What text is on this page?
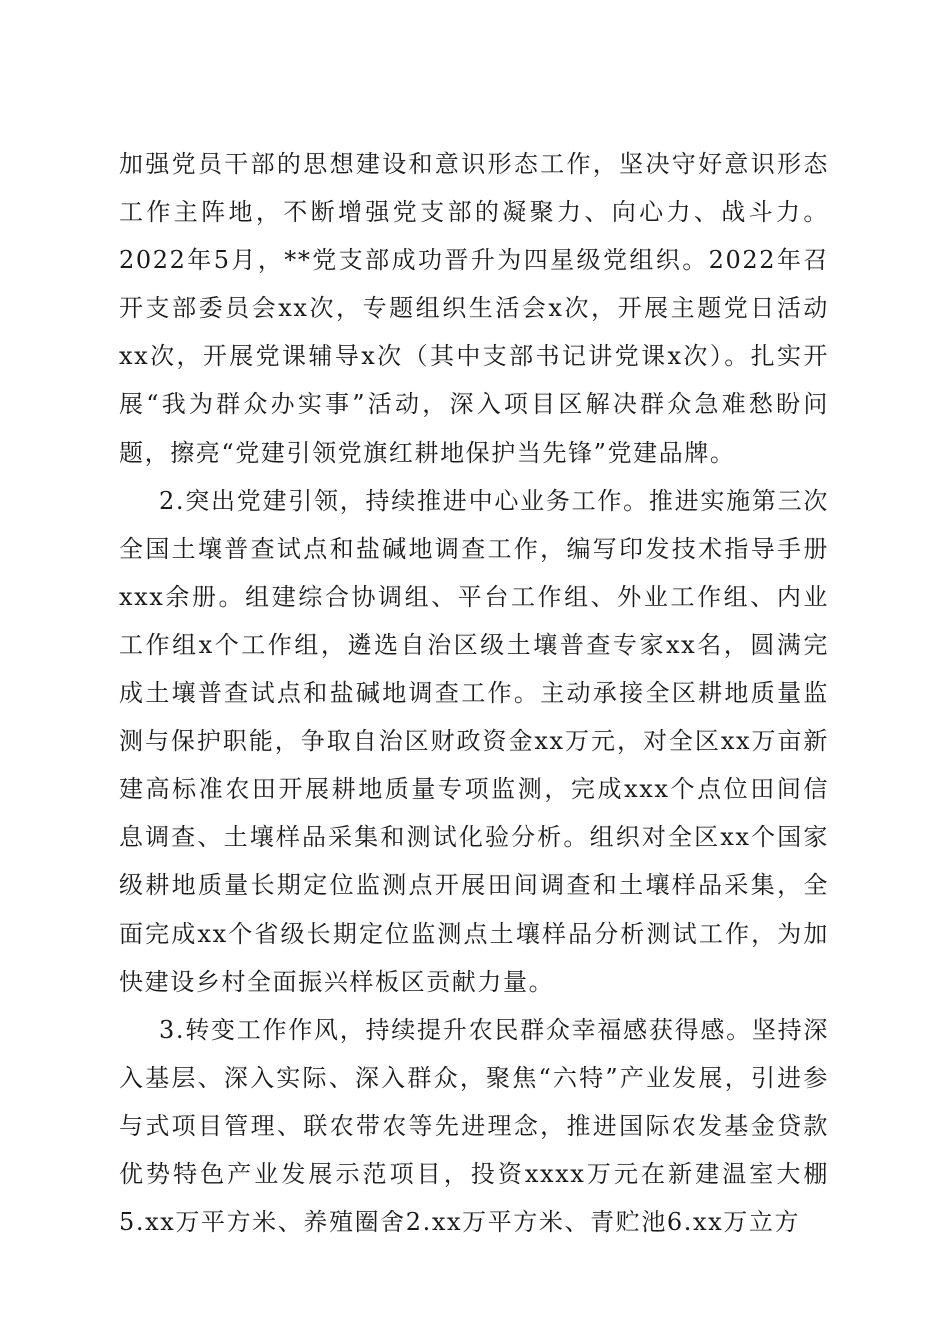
加强党员干部的思想建设和意识形态工作，坚决守好意识形态工作主阵地，不断增强党支部的凝聚力、向心力、战斗力。2022年5月，**党支部成功晋升为四星级党组织。2022年召开支部委员会xx次，专题组织生活会x次，开展主题党日活动xx次，开展党课辅导x次（其中支部书记讲党课x次）。扎实开展“我为群众办实事”活动，深入项目区解决群众急难愁盼问题，擦亮“党建引领党旗红耕地保护当先锋”党建品牌。

2.突出党建引领，持续推进中心业务工作。推进实施第三次全国土壤普查试点和盐碱地调查工作，编写印发技术指导手册xxx余册。组建综合协调组、平台工作组、外业工作组、内业工作组x个工作组，遴选自治区级土壤普查专家xx名，圆满完成土壤普查试点和盐碱地调查工作。主动承接全区耕地质量监测与保护职能，争取自治区财政资金xx万元，对全区xx万亩新建高标准农田开展耕地质量专项监测，完成xxx个点位田间信息调查、土壤样品采集和测试化验分析。组织对全区xx个国家级耕地质量长期定位监测点开展田间调查和土壤样品采集，全面完成xx个省级长期定位监测点土壤样品分析测试工作，为加快建设乡村全面振兴样板区贡献力量。

3.转变工作作风，持续提升农民群众幸福感获得感。坚持深入基层、深入实际、深入群众，聚焦“六特”产业发展，引进参与式项目管理、联农带农等先进理念，推进国际农发基金贷款优势特色产业发展示范项目，投资xxxx万元在新建温室大棚5.xx万平方米、养殖圈舍2.xx万平方米、青贮池6.xx万立方
